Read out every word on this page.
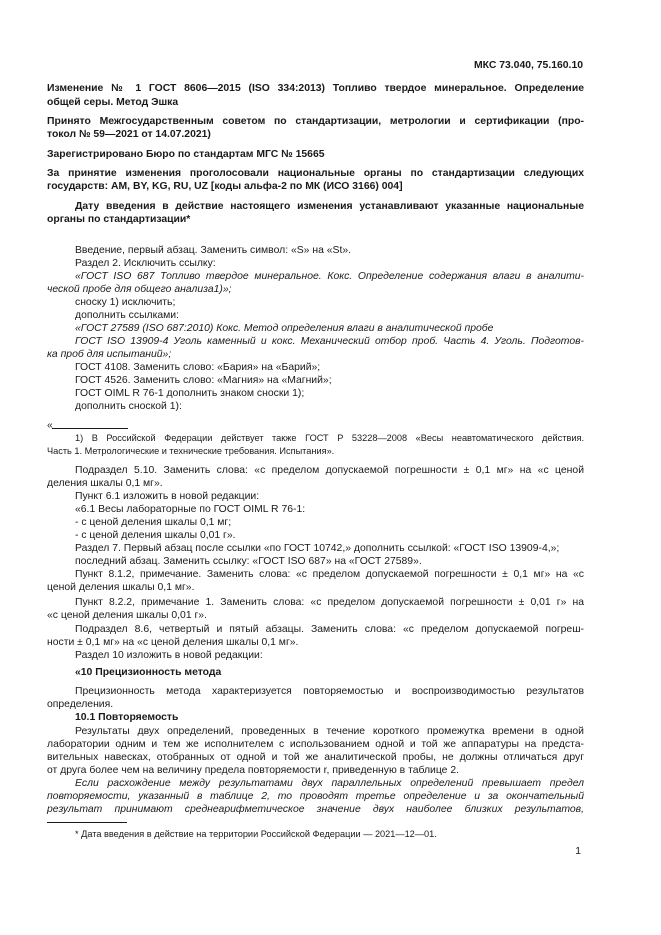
МКС 73.040, 75.160.10
Изменение № 1 ГОСТ 8606—2015 (ISO 334:2013) Топливо твердое минеральное. Определение
общей серы. Метод Эшка
Принято Межгосударственным советом по стандартизации, метрологии и сертификации (про-
токол № 59—2021 от 14.07.2021)
Зарегистрировано Бюро по стандартам МГС № 15665
За принятие изменения проголосовали национальные органы по стандартизации следующих
государств: AM, BY, KG, RU, UZ [коды альфа-2 по МК (ИСО 3166) 004]
Дату введения в действие настоящего изменения устанавливают указанные национальные
органы по стандартизации*
Введение, первый абзац. Заменить символ: «S» на «St».
Раздел 2. Исключить ссылку:
«ГОСТ ISO 687 Топливо твердое минеральное. Кокс. Определение содержания влаги в аналити-
ческой пробе для общего анализа1)»;
сноску 1) исключить;
дополнить ссылками:
«ГОСТ 27589 (ISO 687:2010) Кокс. Метод определения влаги в аналитической пробе
ГОСТ ISO 13909-4 Уголь каменный и кокс. Механический отбор проб. Часть 4. Уголь. Подготов-
ка проб для испытаний»;
ГОСТ 4108. Заменить слово: «Бария» на «Барий»;
ГОСТ 4526. Заменить слово: «Магния» на «Магний»;
ГОСТ OIML R 76-1 дополнить знаком сноски 1);
дополнить сноской 1):
«
1) В Российской Федерации действует также ГОСТ Р 53228—2008 «Весы неавтоматического действия.
Часть 1. Метрологические и технические требования. Испытания».
Подраздел 5.10. Заменить слова: «с пределом допускаемой погрешности ± 0,1 мг» на «с ценой
деления шкалы 0,1 мг».
Пункт 6.1 изложить в новой редакции:
«6.1 Весы лабораторные по ГОСТ OIML R 76-1:
- с ценой деления шкалы 0,1 мг;
- с ценой деления шкалы 0,01 г».
Раздел 7. Первый абзац после ссылки «по ГОСТ 10742,» дополнить ссылкой: «ГОСТ ISO 13909-4,»;
последний абзац. Заменить ссылку: «ГОСТ ISO 687» на «ГОСТ 27589».
Пункт 8.1.2, примечание. Заменить слова: «с пределом допускаемой погрешности ± 0,1 мг» на «с
ценой деления шкалы 0,1 мг».
Пункт 8.2.2, примечание 1. Заменить слова: «с пределом допускаемой погрешности ± 0,01 г» на
«с ценой деления шкалы 0,01 г».
Подраздел 8.6, четвертый и пятый абзацы. Заменить слова: «с пределом допускаемой погреш-
ности ± 0,1 мг» на «с ценой деления шкалы 0,1 мг».
Раздел 10 изложить в новой редакции:
«10 Прецизионность метода
Прецизионность метода характеризуется повторяемостью и воспроизводимостью результатов
определения.
10.1 Повторяемость
Результаты двух определений, проведенных в течение короткого промежутка времени в одной
лаборатории одним и тем же исполнителем с использованием одной и той же аппаратуры на предста-
вительных навесках, отобранных от одной и той же аналитической пробы, не должны отличаться друг
от друга более чем на величину предела повторяемости r, приведенную в таблице 2.
Если расхождение между результатами двух параллельных определений превышает предел
повторяемости, указанный в таблице 2, то проводят третье определение и за окончательный
результат принимают среднеарифметическое значение двух наиболее близких результатов,
* Дата введения в действие на территории Российской Федерации — 2021—12—01.
1
